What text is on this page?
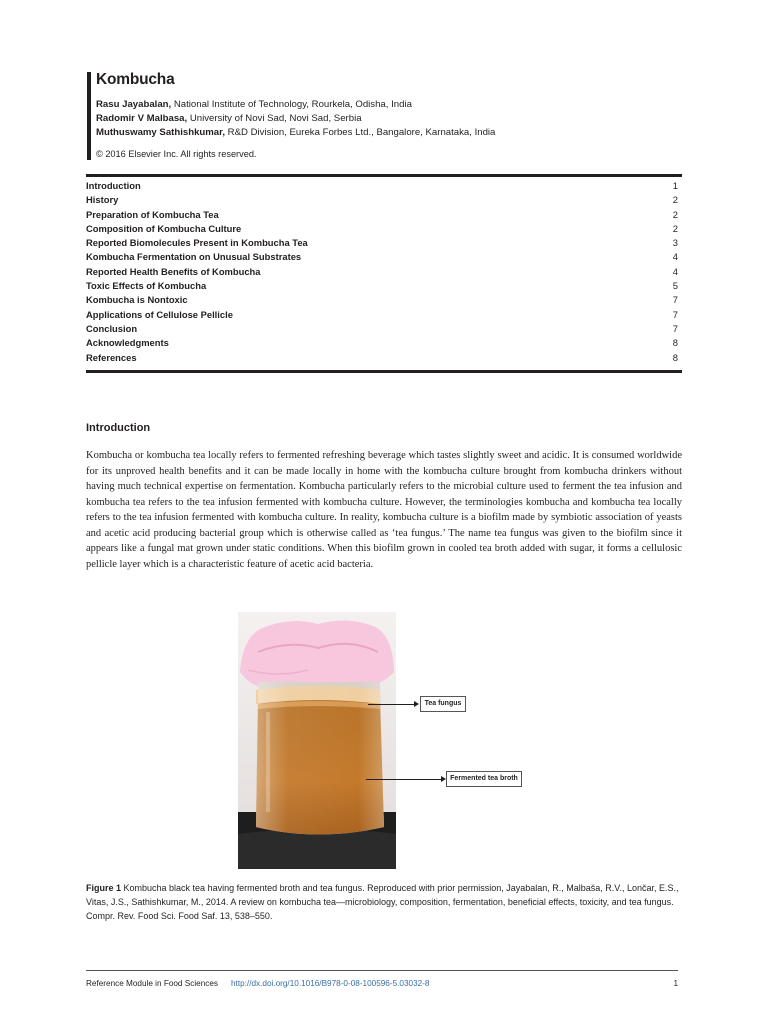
Kombucha
Rasu Jayabalan, National Institute of Technology, Rourkela, Odisha, India
Radomir V Malbasa, University of Novi Sad, Novi Sad, Serbia
Muthuswamy Sathishkumar, R&D Division, Eureka Forbes Ltd., Bangalore, Karnataka, India
© 2016 Elsevier Inc. All rights reserved.
Introduction	1
History	2
Preparation of Kombucha Tea	2
Composition of Kombucha Culture	2
Reported Biomolecules Present in Kombucha Tea	3
Kombucha Fermentation on Unusual Substrates	4
Reported Health Benefits of Kombucha	4
Toxic Effects of Kombucha	5
Kombucha is Nontoxic	7
Applications of Cellulose Pellicle	7
Conclusion	7
Acknowledgments	8
References	8
Introduction

Kombucha or kombucha tea locally refers to fermented refreshing beverage which tastes slightly sweet and acidic. It is consumed worldwide for its unproved health benefits and it can be made locally in home with the kombucha culture brought from kombucha drinkers without having much technical expertise on fermentation. Kombucha particularly refers to the microbial culture used to ferment the tea infusion and kombucha tea refers to the tea infusion fermented with kombucha culture. However, the terminologies kombucha and kombucha tea locally refers to the tea infusion fermented with kombucha culture. In reality, kombucha culture is a biofilm made by symbiotic association of yeasts and acetic acid producing bacterial group which is otherwise called as ‘tea fungus.’ The name tea fungus was given to the biofilm since it appears like a fungal mat grown under static conditions. When this biofilm grown in cooled tea broth added with sugar, it forms a cellulosic pellicle layer which is a characteristic feature of acetic acid bacteria.

Tea fungus
Fermented tea broth

Figure 1 Kombucha black tea having fermented broth and tea fungus. Reproduced with prior permission, Jayabalan, R., Malbaša, R.V., Lončar, E.S., Vitas, J.S., Sathishkumar, M., 2014. A review on kombucha tea—microbiology, composition, fermentation, beneficial effects, toxicity, and tea fungus. Compr. Rev. Food Sci. Food Saf. 13, 538–550.

Reference Module in Food Sciences http://dx.doi.org/10.1016/B978-0-08-100596-5.03032-8	1
